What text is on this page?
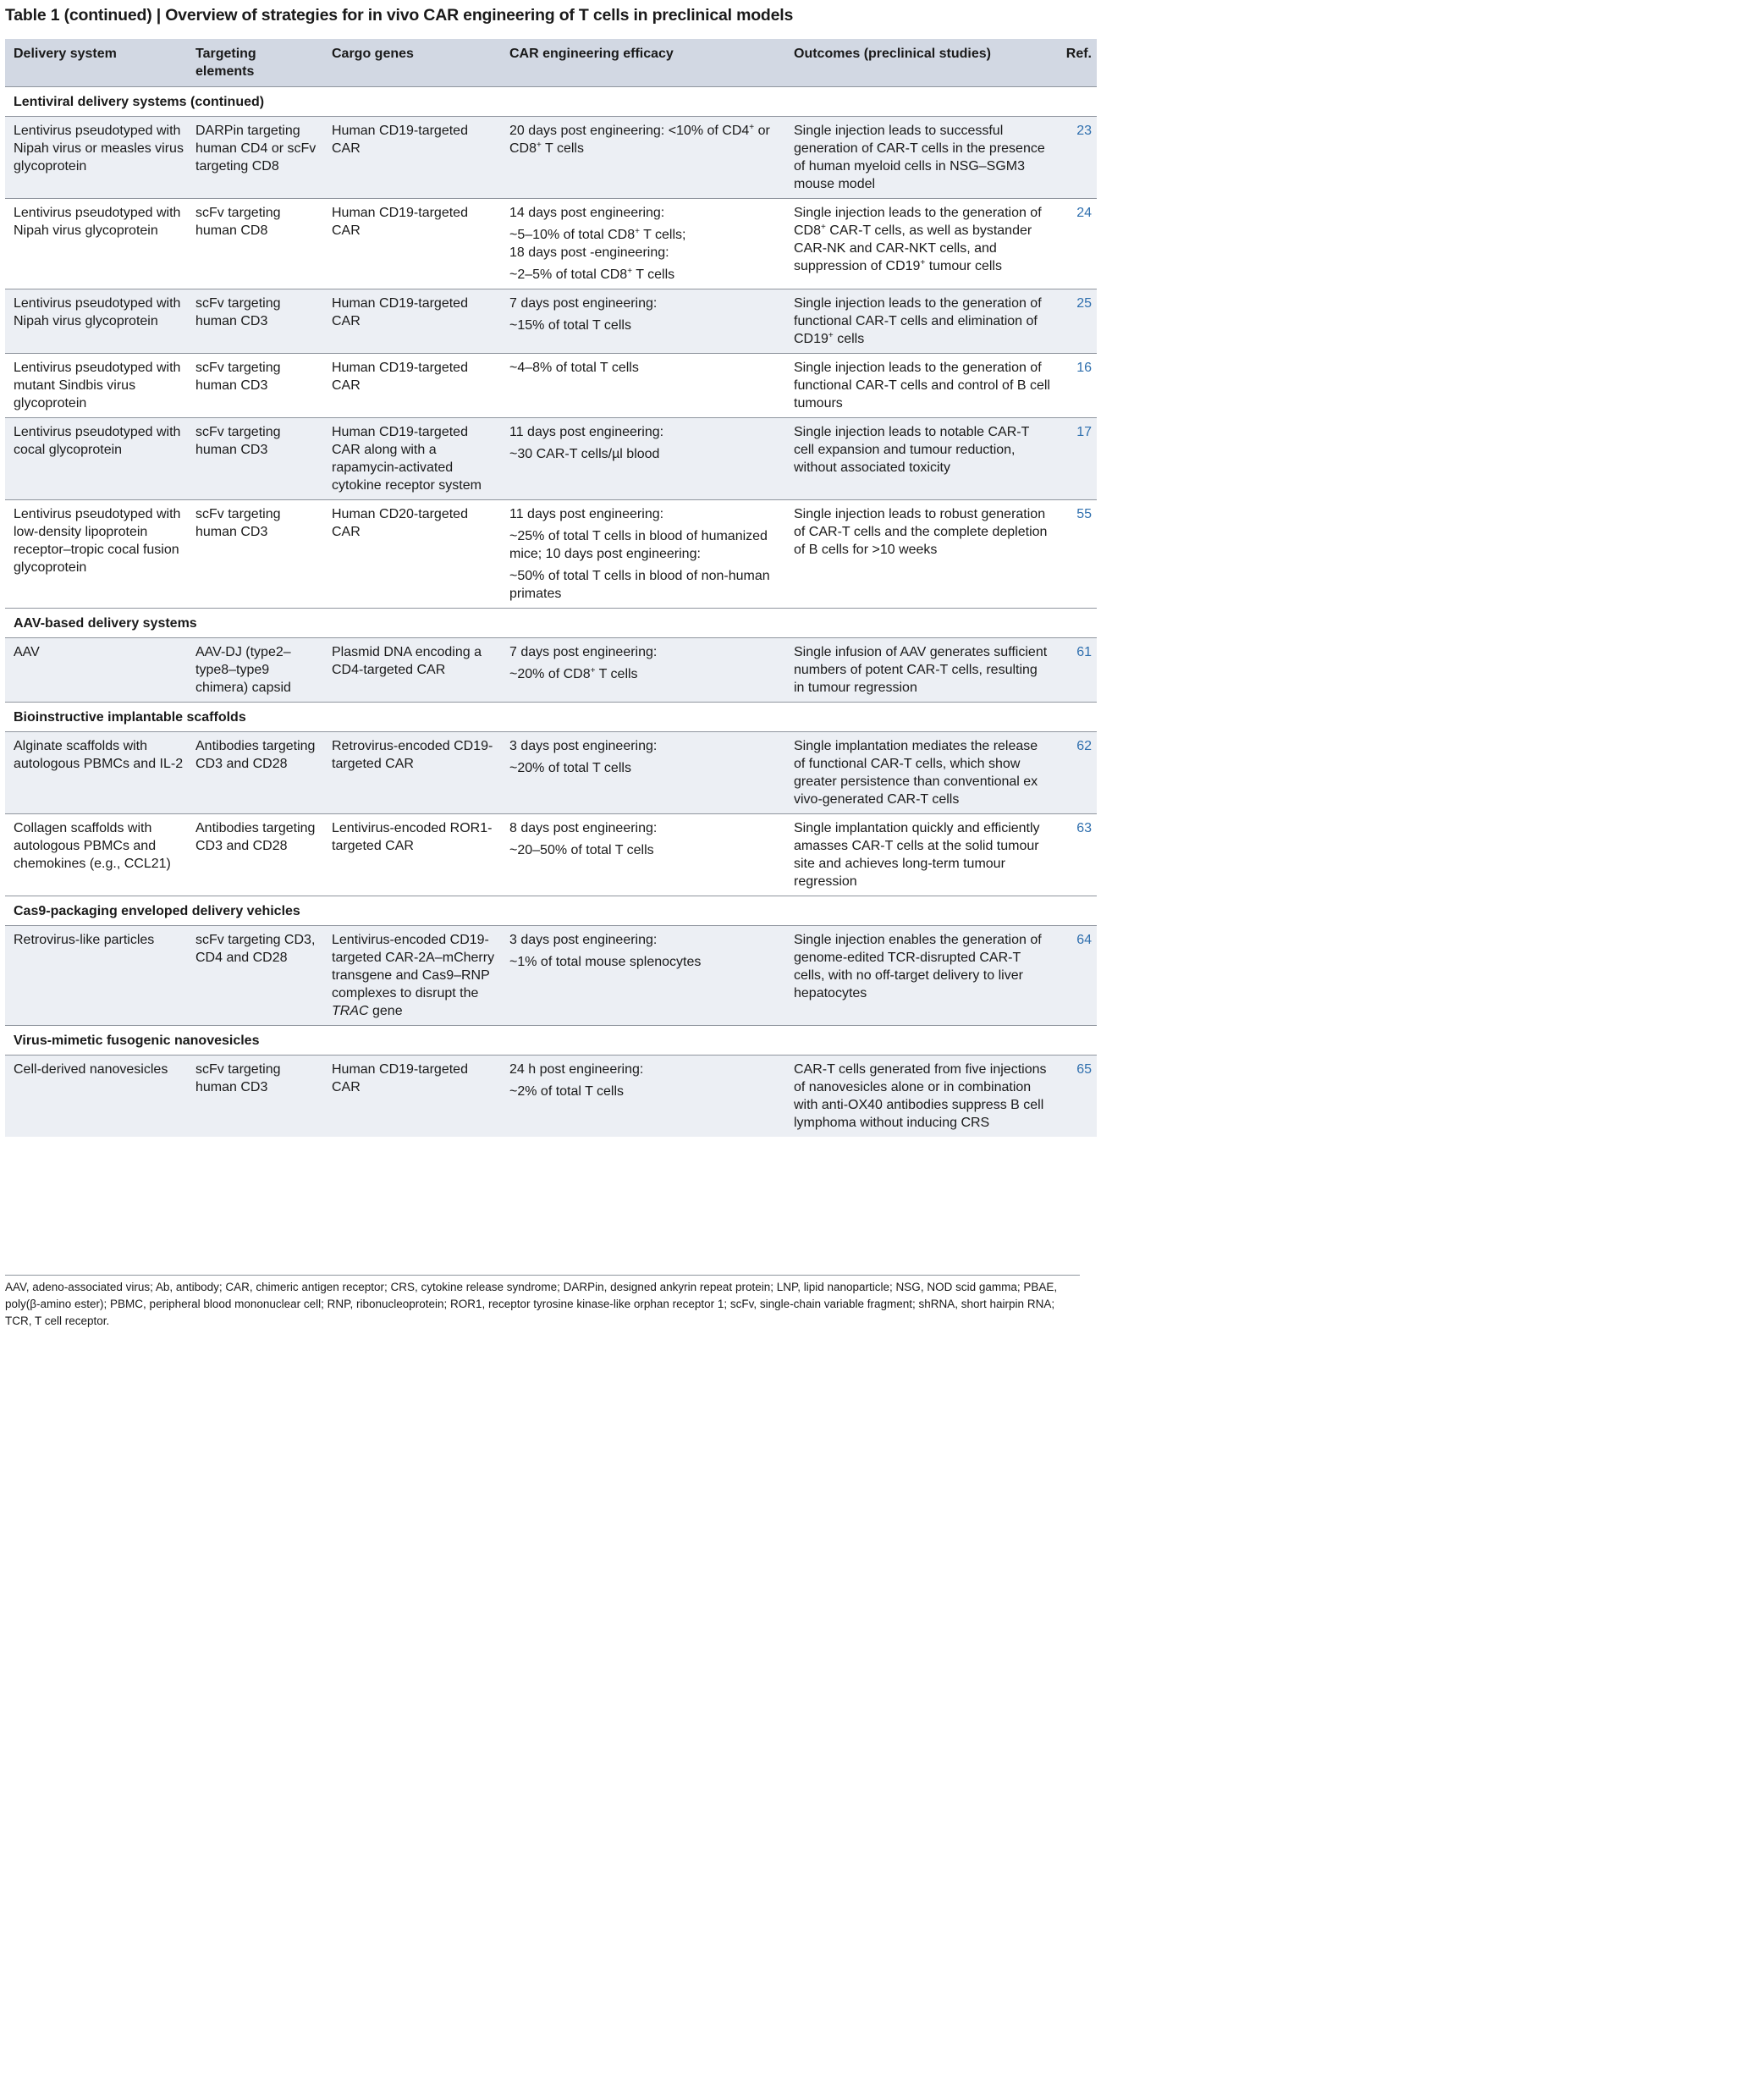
Table 1 (continued) | Overview of strategies for in vivo CAR engineering of T cells in preclinical models
Delivery system	Targeting elements	Cargo genes	CAR engineering efficacy	Outcomes (preclinical studies)	Ref.
Lentiviral delivery systems (continued)					
Lentivirus pseudotyped with Nipah virus or measles virus glycoprotein	DARPin targeting human CD4 or scFv targeting CD8	Human CD19-targeted CAR	20 days post engineering: <10% of CD4+ or CD8+ T cells	Single injection leads to successful generation of CAR-T cells in the presence of human myeloid cells in NSG–SGM3 mouse model	23
Lentivirus pseudotyped with Nipah virus glycoprotein	scFv targeting human CD8	Human CD19-targeted CAR	14 days post engineering:
~5–10% of total CD8+ T cells;
18 days post -engineering:
~2–5% of total CD8+ T cells	Single injection leads to the generation of CD8+ CAR-T cells, as well as bystander CAR-NK and CAR-NKT cells, and suppression of CD19+ tumour cells	24
Lentivirus pseudotyped with Nipah virus glycoprotein	scFv targeting human CD3	Human CD19-targeted CAR	7 days post engineering:
~15% of total T cells	Single injection leads to the generation of functional CAR-T cells and elimination of CD19+ cells	25
Lentivirus pseudotyped with mutant Sindbis virus glycoprotein	scFv targeting human CD3	Human CD19-targeted CAR	~4–8% of total T cells	Single injection leads to the generation of functional CAR-T cells and control of B cell tumours	16
Lentivirus pseudotyped with cocal glycoprotein	scFv targeting human CD3	Human CD19-targeted CAR along with a rapamycin-activated cytokine receptor system	11 days post engineering:
~30 CAR-T cells/µl blood	Single injection leads to notable CAR-T cell expansion and tumour reduction, without associated toxicity	17
Lentivirus pseudotyped with low-density lipoprotein receptor–tropic cocal fusion glycoprotein	scFv targeting human CD3	Human CD20-targeted CAR	11 days post engineering:
~25% of total T cells in blood of humanized mice; 10 days post engineering:
~50% of total T cells in blood of non-human primates	Single injection leads to robust generation of CAR-T cells and the complete depletion of B cells for >10 weeks	55
AAV-based delivery systems					
AAV	AAV-DJ (type2–type8–type9 chimera) capsid	Plasmid DNA encoding a CD4-targeted CAR	7 days post engineering:
~20% of CD8+ T cells	Single infusion of AAV generates sufficient numbers of potent CAR-T cells, resulting in tumour regression	61
Bioinstructive implantable scaffolds					
Alginate scaffolds with autologous PBMCs and IL-2	Antibodies targeting CD3 and CD28	Retrovirus-encoded CD19-targeted CAR	3 days post engineering:
~20% of total T cells	Single implantation mediates the release of functional CAR-T cells, which show greater persistence than conventional ex vivo-generated CAR-T cells	62
Collagen scaffolds with autologous PBMCs and chemokines (e.g., CCL21)	Antibodies targeting CD3 and CD28	Lentivirus-encoded ROR1-targeted CAR	8 days post engineering:
~20–50% of total T cells	Single implantation quickly and efficiently amasses CAR-T cells at the solid tumour site and achieves long-term tumour regression	63
Cas9-packaging enveloped delivery vehicles					
Retrovirus-like particles	scFv targeting CD3, CD4 and CD28	Lentivirus-encoded CD19-targeted CAR-2A–mCherry transgene and Cas9–RNP complexes to disrupt the TRAC gene	3 days post engineering:
~1% of total mouse splenocytes	Single injection enables the generation of genome-edited TCR-disrupted CAR-T cells, with no off-target delivery to liver hepatocytes	64
Virus-mimetic fusogenic nanovesicles					
Cell-derived nanovesicles	scFv targeting human CD3	Human CD19-targeted CAR	24 h post engineering:
~2% of total T cells	CAR-T cells generated from five injections of nanovesicles alone or in combination with anti-OX40 antibodies suppress B cell lymphoma without inducing CRS	65
AAV, adeno-associated virus; Ab, antibody; CAR, chimeric antigen receptor; CRS, cytokine release syndrome; DARPin, designed ankyrin repeat protein; LNP, lipid nanoparticle; NSG, NOD scid gamma; PBAE, poly(β-amino ester); PBMC, peripheral blood mononuclear cell; RNP, ribonucleoprotein; ROR1, receptor tyrosine kinase-like orphan receptor 1; scFv, single-chain variable fragment; shRNA, short hairpin RNA; TCR, T cell receptor.
